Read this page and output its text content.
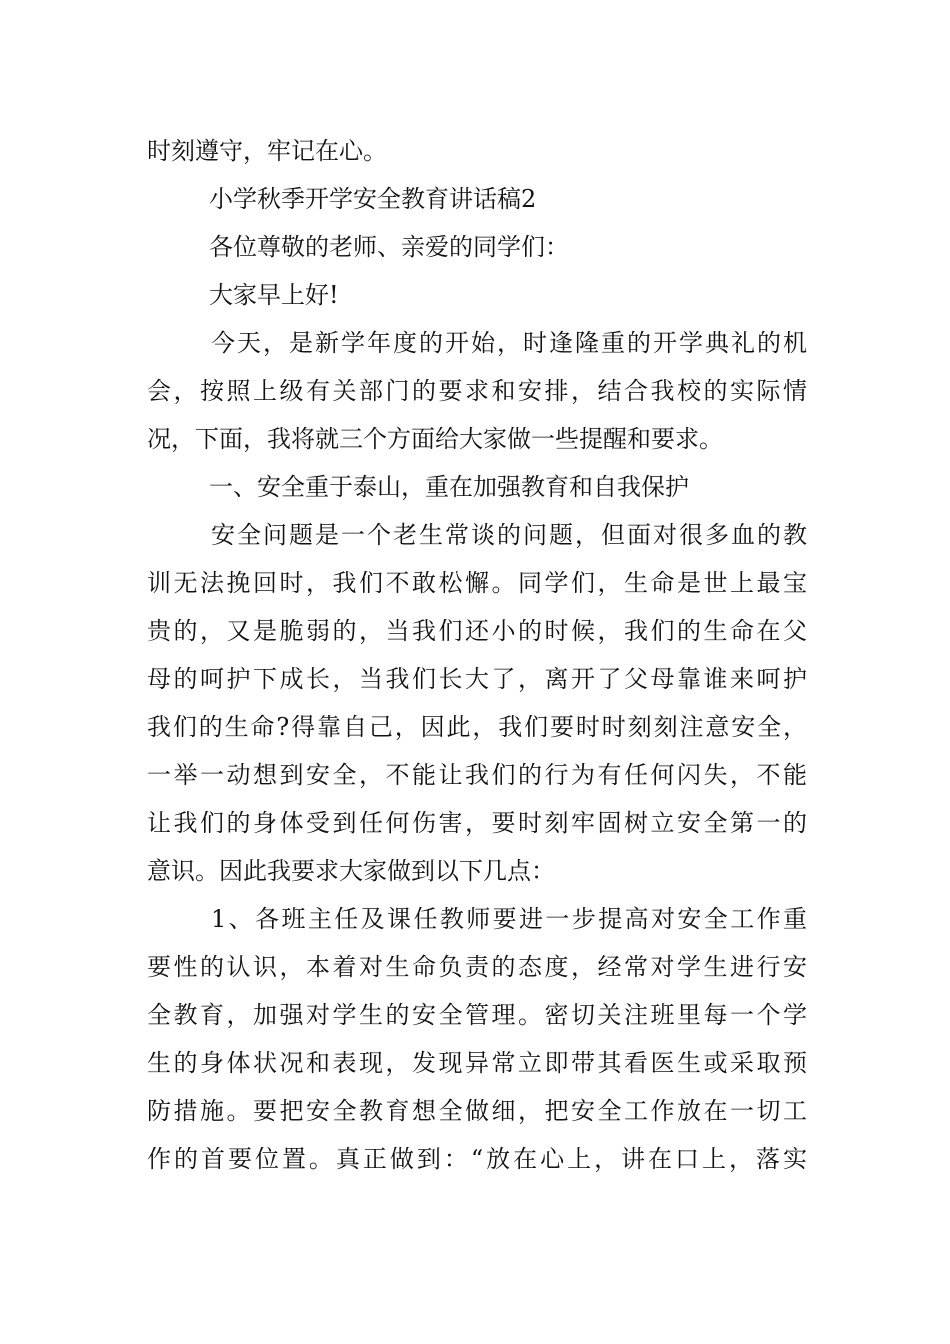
时刻遵守，牢记在心。
小学秋季开学安全教育讲话稿2
各位尊敬的老师、亲爱的同学们：
大家早上好!
今天，是新学年度的开始，时逢隆重的开学典礼的机
会，按照上级有关部门的要求和安排，结合我校的实际情
况，下面，我将就三个方面给大家做一些提醒和要求。
一、安全重于泰山，重在加强教育和自我保护
安全问题是一个老生常谈的问题，但面对很多血的教
训无法挽回时，我们不敢松懈。同学们，生命是世上最宝
贵的，又是脆弱的，当我们还小的时候，我们的生命在父
母的呵护下成长，当我们长大了，离开了父母靠谁来呵护
我们的生命?得靠自己，因此，我们要时时刻刻注意安全，
一举一动想到安全，不能让我们的行为有任何闪失，不能
让我们的身体受到任何伤害，要时刻牢固树立安全第一的
意识。因此我要求大家做到以下几点：
1、各班主任及课任教师要进一步提高对安全工作重
要性的认识，本着对生命负责的态度，经常对学生进行安
全教育，加强对学生的安全管理。密切关注班里每一个学
生的身体状况和表现，发现异常立即带其看医生或采取预
防措施。要把安全教育想全做细，把安全工作放在一切工
作的首要位置。真正做到：“放在心上，讲在口上，落实
